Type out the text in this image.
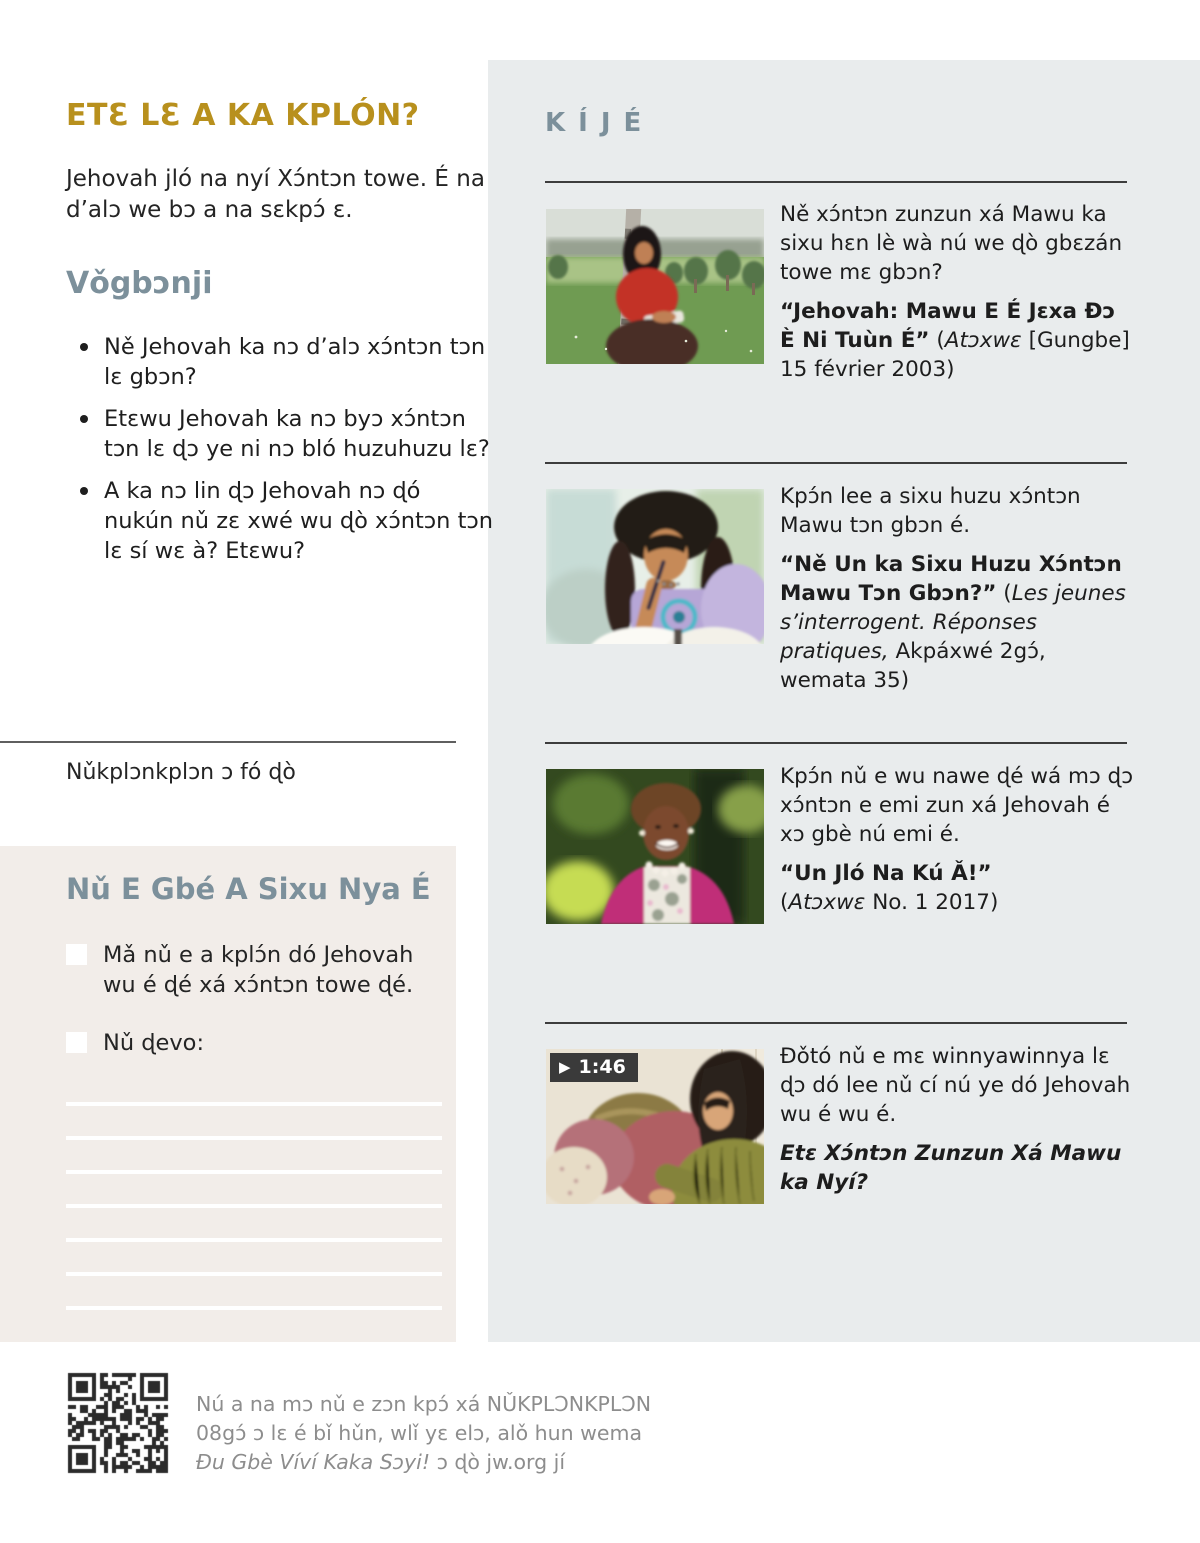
ETƐ LƐ A KA KPLÓN?
Jehovah jló na nyí Xɔ́ntɔn towe. É na d’alɔ we bɔ a na sɛkpɔ́ ɛ.
Vǒgbɔnji
Ně Jehovah ka nɔ d’alɔ xɔ́ntɔn tɔn lɛ gbɔn?
Etɛwu Jehovah ka nɔ byɔ xɔ́ntɔn tɔn lɛ ɖɔ ye ni nɔ bló huzuhuzu lɛ?
A ka nɔ lin ɖɔ Jehovah nɔ ɖó nukún nǔ zɛ xwé wu ɖò xɔ́ntɔn tɔn lɛ sí wɛ à? Etɛwu?
Nǔkplɔnkplɔn ɔ fó ɖò
Nǔ E Gbé A Sixu Nya É
Mǎ nǔ e a kplɔ́n dó Jehovah wu é ɖé xá xɔ́ntɔn towe ɖé.
Nǔ ɖevo:
KÍJÉ

Ně xɔ́ntɔn zunzun xá Mawu ka sixu hɛn lè wà nú we ɖò gbɛzán towe mɛ gbɔn?

“Jehovah: Mawu E É Jɛxa Ɖɔ È Ni Tuùn É” (Atɔxwɛ [Gungbe] 15 février 2003)

Kpɔ́n lee a sixu huzu xɔ́ntɔn Mawu tɔn gbɔn é.

“Ně Un ka Sixu Huzu Xɔ́ntɔn Mawu Tɔn Gbɔn?” (Les jeunes s’interrogent. Réponses pratiques, Akpáxwé 2gɔ́, wemata 35)

Kpɔ́n nǔ e wu nawe ɖé wá mɔ ɖɔ xɔ́ntɔn e emi zun xá Jehovah é xɔ gbè nú emi é.

“Un Jló Na Kú Ǎ!”
(Atɔxwɛ No. 1 2017)

▶ 1:46	Ɖǒtó nǔ e mɛ winnyawinnya lɛ ɖɔ dó lee nǔ cí nú ye dó Jehovah wu é wu é.

Etɛ Xɔ́ntɔn Zunzun Xá Mawu ka Nyí?

Nú a na mɔ nǔ e zɔn kpɔ́ xá NǓKPLƆNKPLƆN
08gɔ́ ɔ lɛ é bǐ hǔn, wlǐ yɛ elɔ, alǒ hun wema
Ɖu Gbè Víví Kaka Sɔyi! ɔ ɖò jw.org jí
